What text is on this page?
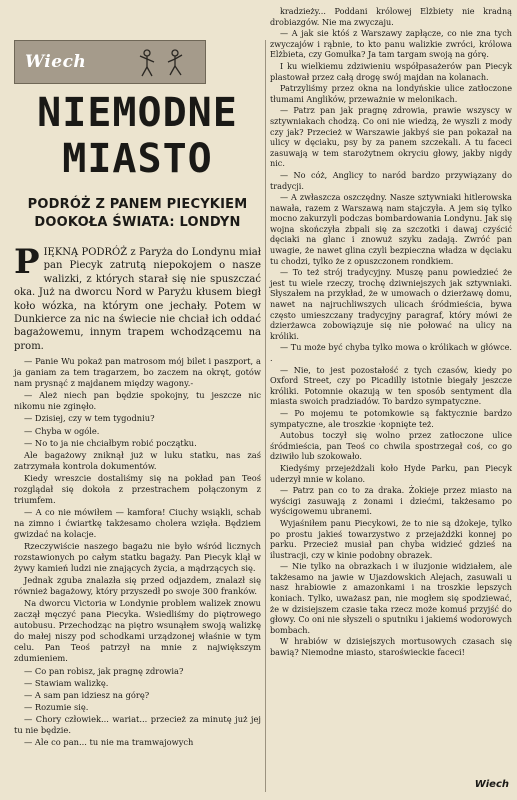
Wiech
NIEMODNE
MIASTO
PODRÓŻ Z PANEM PIECYKIEM
DOOKOŁA ŚWIATA: LONDYN

PIĘKNĄ PODRÓŻ z Paryża do Londynu miał pan Piecyk zatrutą niepokojem o nasze walizki, z których starał się nie spuszczać oka. Już na dworcu Nord w Paryżu kłusem biegł koło wózka, na którym one jechały. Potem w Dunkierce za nic na świecie nie chciał ich oddać bagażowemu, innym trapem wchodzącemu na prom.

— Panie Wu pokaż pan matrosom mój bilet i paszport, a ja ganiam za tem tragarzem, bo zaczem na okręt, gotów nam prysnąć z majdanem między wagony.-

— Ależ niech pan będzie spokojny, tu jeszcze nic nikomu nie zginęło.

— Dzisiej, czy w tem tygodniu?

— Chyba w ogóle.

— No to ja nie chciałbym robić początku.

Ale bagażowy zniknął już w luku statku, nas zaś zatrzymała kontrola dokumentów.

Kiedy wreszcie dostaliśmy się na pokład pan Teoś rozglądał się dokoła z przestrachem połączonym z triumfem.

— A co nie mówiłem — kamfora! Ciuchy wsiąkli, schab na zimno i ćwiartkę takżesamo cholera wzięła. Będziem gwizdać na kolacje.

Rzeczywiście naszego bagażu nie było wśród licznych rozstawionych po całym statku bagaży. Pan Piecyk klął w żywy kamień ludzi nie znających życia, a mądrzących się.

Jednak zguba znalazła się przed odjazdem, znalazł się również bagażowy, który przyszedł po swoje 300 franków.

Na dworcu Victoria w Londynie problem walizek znowu zaczął męczyć pana Piecyka. Wsiedliśmy do piętrowego autobusu. Przechodząc na piętro wsunąłem swoją walizkę do małej niszy pod schodkami urządzonej właśnie w tym celu. Pan Teoś patrzył na mnie z największym zdumieniem.

— Co pan robisz, jak pragnę zdrowia?

— Stawiam walizkę.

— A sam pan idziesz na górę?

— Rozumie się.

— Chory człowiek... wariat... przecież za minutę już jej tu nie będzie.

— Ale co pan... tu nie ma tramwajowych

kradzieży... Poddani królowej Elżbiety nie kradną drobiazgów. Nie ma zwyczaju.

— A jak sie któś z Warszawy zapłącze, co nie zna tych zwyczajów i rąbnie, to kto panu walizkie zwróci, królowa Elżbieta, czy Gomułka? Ja tam targam swoją na górę.

I ku wielkiemu zdziwieniu współpasażerów pan Piecyk plastował przez całą drogę swój majdan na kolanach.

Patrzyliśmy przez okna na londyńskie ulice zatłoczone tłumami Anglików, przeważnie w melonikach.

— Patrz pan jak pragnę zdrowia, prawie wszyscy w sztywniakach chodzą. Co oni nie wiedzą, że wyszli z mody czy jak? Przecież w Warszawie jakbyś sie pan pokazał na ulicy w dęciaku, psy by za panem szczekali. A tu faceci zasuwają w tem starożytnem okryciu głowy, jakby nigdy nic.

— No cóż, Anglicy to naród bardzo przywiązany do tradycji.

— A zwłaszcza oszczędny. Nasze sztywniaki hitlerowska nawała, razem z Warszawą nam stajczyła. A jem się tylko mocno zakurzyli podczas bombardowania Londynu. Jak się wojna skończyła zbpali się za szczotki i dawaj czyścić dęciaki na glanc i znowuż szyku zadają. Zwróć pan uwagie, że nawet glina czyli bezpieczna władza w dęciaku tu chodzi, tylko że z opuszczonem rondkiem.

— To też strój tradycyjny. Muszę panu powiedzieć że jest tu wiele rzeczy, trochę dziwniejszych jak sztywniaki. Słyszałem na przykład, że w umowach o dzierżawę domu, nawet na najruchliwszych ulicach śródmieścia, bywa często umieszczany tradycyjny paragraf, który mówi że dzierżawca zobowiązuje się nie połować na ulicy na króliki.

— Tu może być chyba tylko mowa o królikach w główce. .

— Nie, to jest pozostałość z tych czasów, kiedy po Oxford Street, czy po Picadilly istotnie biegały jeszcze króliki. Potomnie okazują w ten sposób sentyment dla miasta swoich pradziadów. To bardzo sympatyczne.

— Po mojemu te potomkowie są faktycznie bardzo sympatyczne, ale troszkie ·kopnięte też.

Autobus toczył się wolno przez zatłoczone ulice śródmieścia, pan Teoś co chwila spostrzegał coś, co go dziwiło lub szokowało.

Kiedyśmy przejeżdżali koło Hyde Parku, pan Piecyk uderzył mnie w kolano.

— Patrz pan co to za draka. Żokieje przez miasto na wyścigi zasuwają z żonami i dziećmi, takżesamo po wyścigowemu ubranemi.

Wyjaśniłem panu Piecykowi, że to nie są dżokeje, tylko po prostu jakieś towarzystwo z przejażdżki konnej po parku. Przecież musiał pan chyba widzieć gdzieś na ilustracji, czy w kinie podobny obrazek.

— Nie tylko na obrazkach i w iluzjonie widziałem, ale takżesamo na jawie w Ujazdowskich Alejach, zasuwali u nasz hrabiowie z amazonkami i na troszkie lepszych koniach. Tylko, uważasz pan, nie mogłem się spodziewać, że w dzisiejszem czasie taka rzecz może komuś przyjść do głowy. Co oni nie słyszeli o sputniku i jakiemś wodorowych bombach.

W hrabiów w dzisiejszych mortusowych czasach się bawią? Niemodne miasto, staroświeckie faceci!

Wiech
